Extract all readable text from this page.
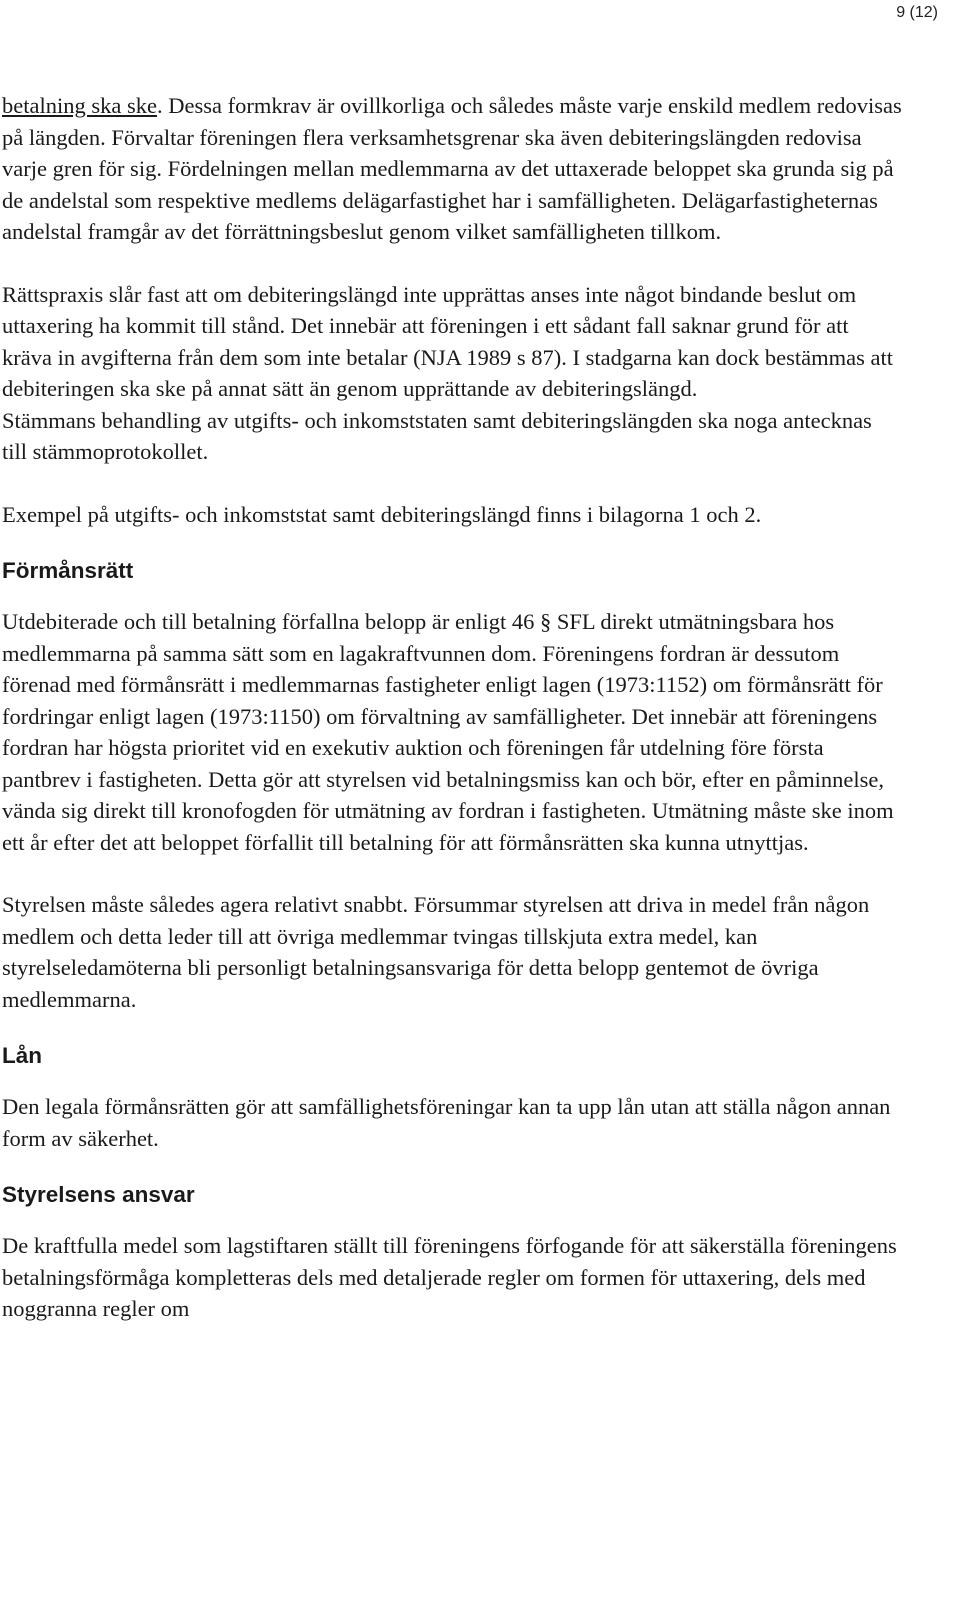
9 (12)

betalning ska ske. Dessa formkrav är ovillkorliga och således måste varje enskild medlem redovisas på längden. Förvaltar föreningen flera verksamhetsgrenar ska även debiteringslängden redovisa varje gren för sig. Fördelningen mellan medlemmarna av det uttaxerade beloppet ska grunda sig på de andelstal som respektive medlems delägarfastighet har i samfälligheten. Delägarfastigheternas andelstal framgår av det förrättningsbeslut genom vilket samfälligheten tillkom.

Rättspraxis slår fast att om debiteringslängd inte upprättas anses inte något bindande beslut om uttaxering ha kommit till stånd. Det innebär att föreningen i ett sådant fall saknar grund för att kräva in avgifterna från dem som inte betalar (NJA 1989 s 87). I stadgarna kan dock bestämmas att debiteringen ska ske på annat sätt än genom upprättande av debiteringslängd.

Stämmans behandling av utgifts- och inkomststaten samt debiteringslängden ska noga antecknas till stämmoprotokollet.

Exempel på utgifts- och inkomststat samt debiteringslängd finns i bilagorna 1 och 2.

Förmånsrätt

Utdebiterade och till betalning förfallna belopp är enligt 46 § SFL direkt utmätningsbara hos medlemmarna på samma sätt som en lagakraftvunnen dom. Föreningens fordran är dessutom förenad med förmånsrätt i medlemmarnas fastigheter enligt lagen (1973:1152) om förmånsrätt för fordringar enligt lagen (1973:1150) om förvaltning av samfälligheter. Det innebär att föreningens fordran har högsta prioritet vid en exekutiv auktion och föreningen får utdelning före första pantbrev i fastigheten. Detta gör att styrelsen vid betalningsmiss kan och bör, efter en påminnelse, vända sig direkt till kronofogden för utmätning av fordran i fastigheten. Utmätning måste ske inom ett år efter det att beloppet förfallit till betalning för att förmånsrätten ska kunna utnyttjas.

Styrelsen måste således agera relativt snabbt. Försummar styrelsen att driva in medel från någon medlem och detta leder till att övriga medlemmar tvingas tillskjuta extra medel, kan styrelseledamöterna bli personligt betalningsansvariga för detta belopp gentemot de övriga medlemmarna.

Lån

Den legala förmånsrätten gör att samfällighetsföreningar kan ta upp lån utan att ställa någon annan form av säkerhet.

Styrelsens ansvar

De kraftfulla medel som lagstiftaren ställt till föreningens förfogande för att säkerställa föreningens betalningsförmåga kompletteras dels med detaljerade regler om formen för uttaxering, dels med noggranna regler om
